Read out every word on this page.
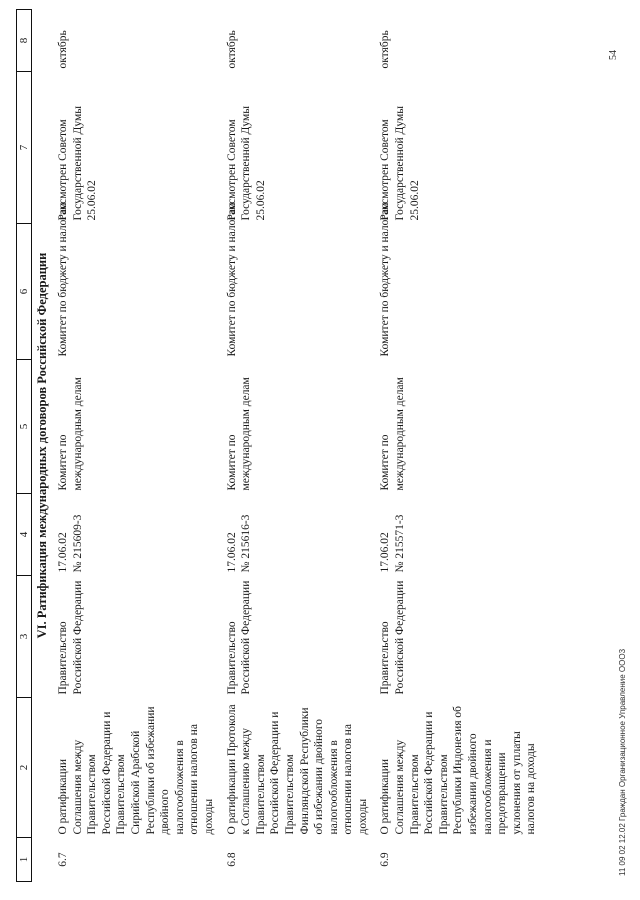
1	2	3	4	5	6	7	8
VI. Ратификация международных договоров Российской Федерации							
6.7	О ратификации Соглашения между Правительством Российской Федерации и Правительством Сирийской Арабской Республики об избежании двойного налогообложения в отношении налогов на доходы	Правительство Российской Федерации	17.06.02 № 215609-3	Комитет по международным делам	Комитет по бюджету и налогам	Рассмотрен Советом Государственной Думы 25.06.02	октябрь
6.8	О ратификации Протокола к Соглашению между Правительством Российской Федерации и Правительством Финляндской Республики об избежании двойного налогообложения в отношении налогов на доходы	Правительство Российской Федерации	17.06.02 № 215616-3	Комитет по международным делам	Комитет по бюджету и налогам	Рассмотрен Советом Государственной Думы 25.06.02	октябрь
6.9	О ратификации Соглашения между Правительством Российской Федерации и Правительством Республики Индонезия об избежании двойного налогообложения и предотвращении уклонения от уплаты налогов на доходы	Правительство Российской Федерации	17.06.02 № 215571-3	Комитет по международным делам	Комитет по бюджету и налогам	Рассмотрен Советом Государственной Думы 25.06.02	октябрь
11 09 02 12.02 Граждан Организационное Управление ООО3
54
